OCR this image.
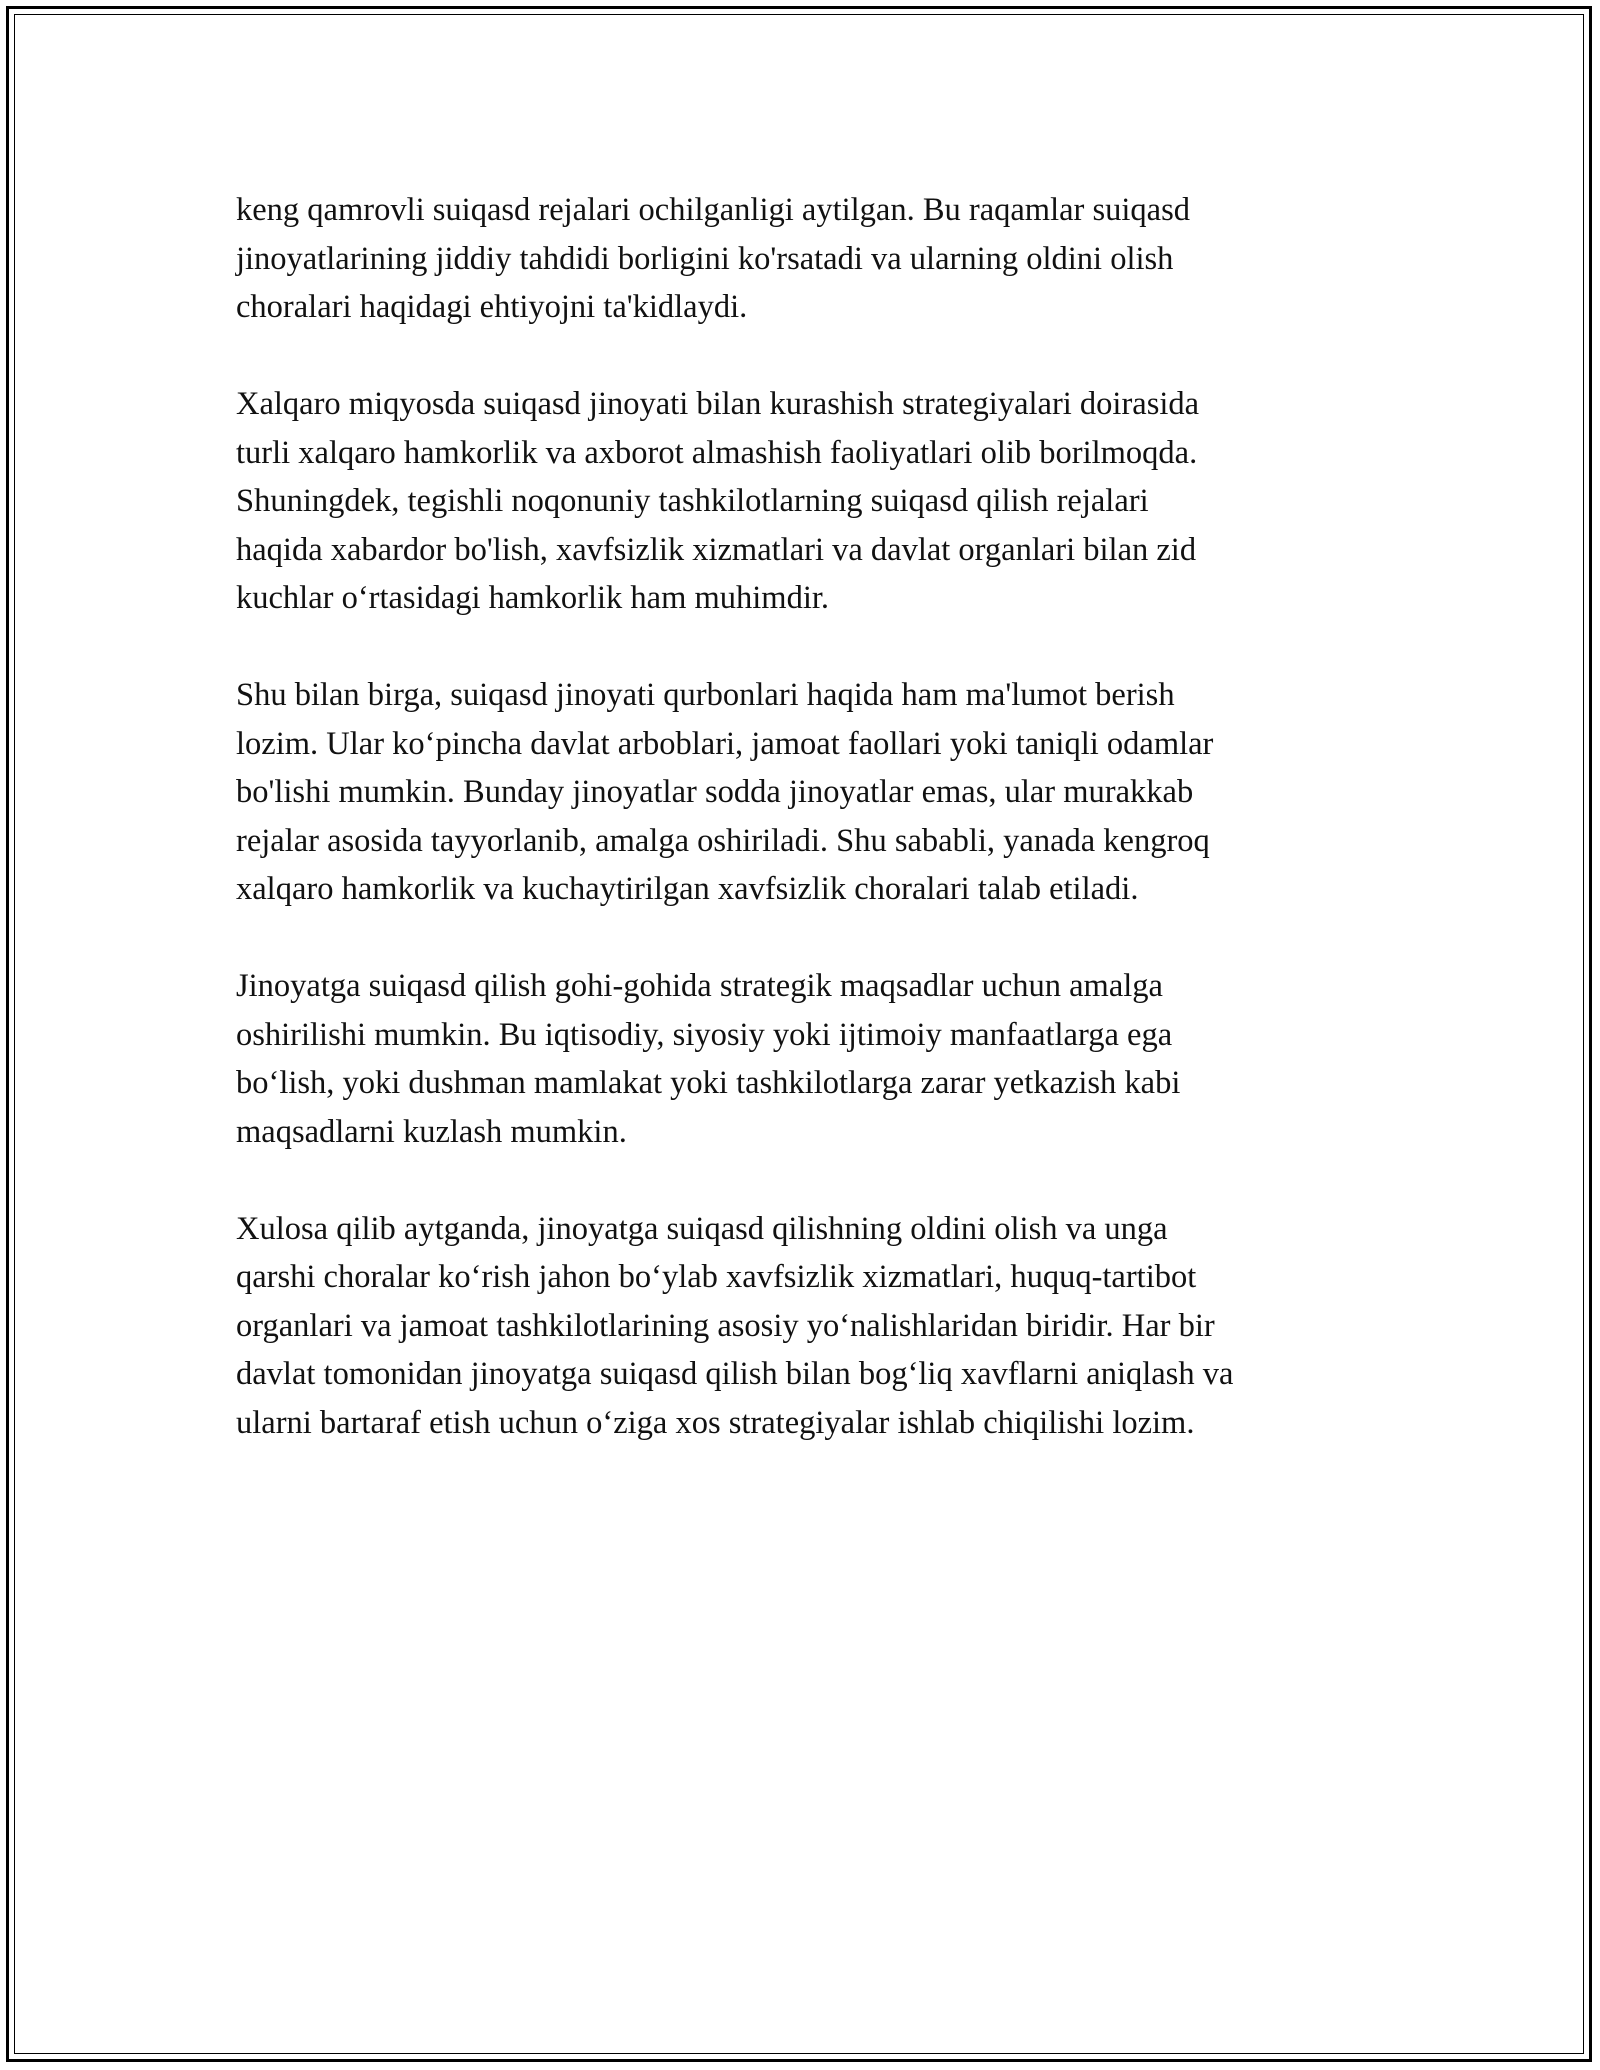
keng qamrovli suiqasd rejalari ochilganligi aytilgan. Bu raqamlar suiqasd
jinoyatlarining jiddiy tahdidi borligini ko'rsatadi va ularning oldini olish
choralari haqidagi ehtiyojni ta'kidlaydi.

Xalqaro miqyosda suiqasd jinoyati bilan kurashish strategiyalari doirasida
turli xalqaro hamkorlik va axborot almashish faoliyatlari olib borilmoqda.
Shuningdek, tegishli noqonuniy tashkilotlarning suiqasd qilish rejalari
haqida xabardor bo'lish, xavfsizlik xizmatlari va davlat organlari bilan zid
kuchlar o‘rtasidagi hamkorlik ham muhimdir.

Shu bilan birga, suiqasd jinoyati qurbonlari haqida ham ma'lumot berish
lozim. Ular ko‘pincha davlat arboblari, jamoat faollari yoki taniqli odamlar
bo'lishi mumkin. Bunday jinoyatlar sodda jinoyatlar emas, ular murakkab
rejalar asosida tayyorlanib, amalga oshiriladi. Shu sababli, yanada kengroq
xalqaro hamkorlik va kuchaytirilgan xavfsizlik choralari talab etiladi.

Jinoyatga suiqasd qilish gohi-gohida strategik maqsadlar uchun amalga
oshirilishi mumkin. Bu iqtisodiy, siyosiy yoki ijtimoiy manfaatlarga ega
bo‘lish, yoki dushman mamlakat yoki tashkilotlarga zarar yetkazish kabi
maqsadlarni kuzlash mumkin.

Xulosa qilib aytganda, jinoyatga suiqasd qilishning oldini olish va unga
qarshi choralar ko‘rish jahon bo‘ylab xavfsizlik xizmatlari, huquq-tartibot
organlari va jamoat tashkilotlarining asosiy yo‘nalishlaridan biridir. Har bir
davlat tomonidan jinoyatga suiqasd qilish bilan bog‘liq xavflarni aniqlash va
ularni bartaraf etish uchun o‘ziga xos strategiyalar ishlab chiqilishi lozim.
